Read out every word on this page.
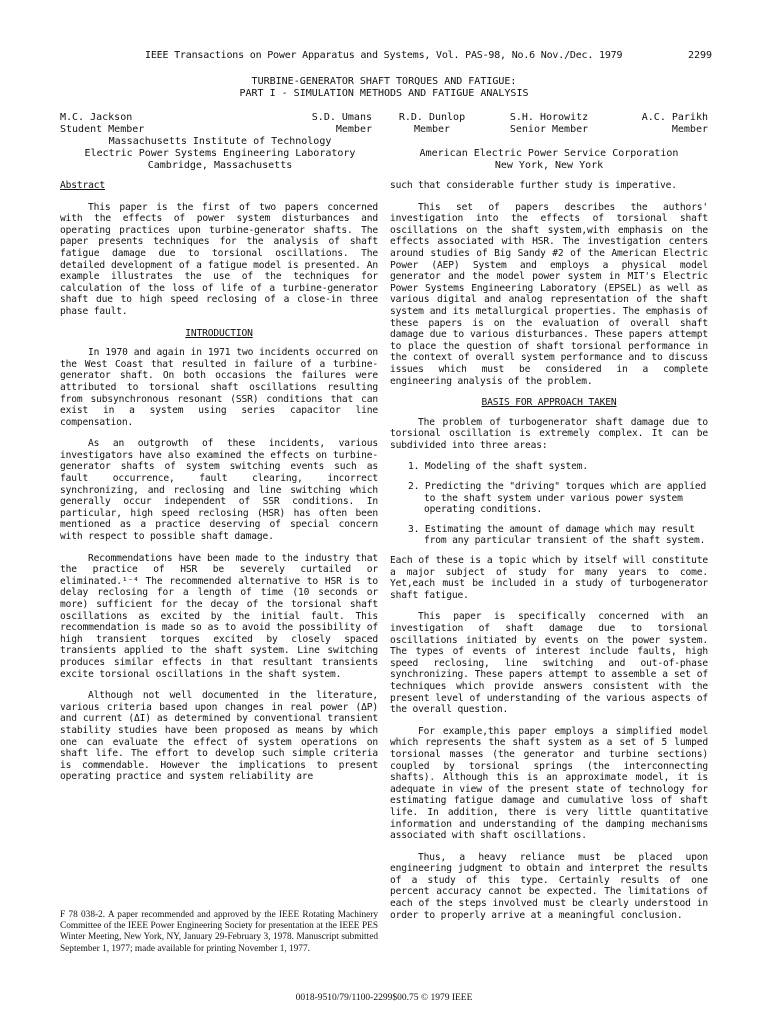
IEEE Transactions on Power Apparatus and Systems, Vol. PAS-98, No.6 Nov./Dec. 1979	2299
TURBINE-GENERATOR SHAFT TORQUES AND FATIGUE:
PART I - SIMULATION METHODS AND FATIGUE ANALYSIS
M.C. Jackson
Student Member
S.D. Umans
Member
Massachusetts Institute of Technology
Electric Power Systems Engineering Laboratory
Cambridge, Massachusetts
R.D. Dunlop
Member
S.H. Horowitz
Senior Member
A.C. Parikh
Member
American Electric Power Service Corporation
New York, New York
Abstract

This paper is the first of two papers concerned with the effects of power system disturbances and operating practices upon turbine-generator shafts. The paper presents techniques for the analysis of shaft fatigue damage due to torsional oscillations. The detailed development of a fatigue model is presented. An example illustrates the use of the techniques for calculation of the loss of life of a turbine-generator shaft due to high speed reclosing of a close-in three phase fault.

INTRODUCTION

In 1970 and again in 1971 two incidents occurred on the West Coast that resulted in failure of a turbine-generator shaft. On both occasions the failures were attributed to torsional shaft oscillations resulting from subsynchronous resonant (SSR) conditions that can exist in a system using series capacitor line compensation.

As an outgrowth of these incidents, various investigators have also examined the effects on turbine-generator shafts of system switching events such as fault occurrence, fault clearing, incorrect synchronizing, and reclosing and line switching which generally occur independent of SSR conditions. In particular, high speed reclosing (HSR) has often been mentioned as a practice deserving of special concern with respect to possible shaft damage.

Recommendations have been made to the industry that the practice of HSR be severely curtailed or eliminated.¹⁻⁴ The recommended alternative to HSR is to delay reclosing for a length of time (10 seconds or more) sufficient for the decay of the torsional shaft oscillations as excited by the initial fault. This recommendation is made so as to avoid the possibility of high transient torques excited by closely spaced transients applied to the shaft system. Line switching produces similar effects in that resultant transients excite torsional oscillations in the shaft system.

Although not well documented in the literature, various criteria based upon changes in real power (ΔP) and current (ΔI) as determined by conventional transient stability studies have been proposed as means by which one can evaluate the effect of system operations on shaft life. The effort to develop such simple criteria is commendable. However the implications to present operating practice and system reliability are

F 78 038-2. A paper recommended and approved by the IEEE Rotating Machinery Committee of the IEEE Power Engineering Society for presentation at the IEEE PES Winter Meeting, New York, NY, January 29-February 3, 1978. Manuscript submitted September 1, 1977; made available for printing November 1, 1977.

such that considerable further study is imperative.

This set of papers describes the authors' investigation into the effects of torsional shaft oscillations on the shaft system,with emphasis on the effects associated with HSR. The investigation centers around studies of Big Sandy #2 of the American Electric Power (AEP) System and employs a physical model generator and the model power system in MIT's Electric Power Systems Engineering Laboratory (EPSEL) as well as various digital and analog representation of the shaft system and its metallurgical properties. The emphasis of these papers is on the evaluation of overall shaft damage due to various disturbances. These papers attempt to place the question of shaft torsional performance in the context of overall system performance and to discuss issues which must be considered in a complete engineering analysis of the problem.

BASIS FOR APPROACH TAKEN

The problem of turbogenerator shaft damage due to torsional oscillation is extremely complex. It can be subdivided into three areas:

1. Modeling of the shaft system.
2. Predicting the "driving" torques which are applied to the shaft system under various power system operating conditions.
3. Estimating the amount of damage which may result from any particular transient of the shaft system.

Each of these is a topic which by itself will constitute a major subject of study for many years to come. Yet,each must be included in a study of turbogenerator shaft fatigue.

This paper is specifically concerned with an investigation of shaft damage due to torsional oscillations initiated by events on the power system. The types of events of interest include faults, high speed reclosing, line switching and out-of-phase synchronizing. These papers attempt to assemble a set of techniques which provide answers consistent with the present level of understanding of the various aspects of the overall question.

For example,this paper employs a simplified model which represents the shaft system as a set of 5 lumped torsional masses (the generator and turbine sections) coupled by torsional springs (the interconnecting shafts). Although this is an approximate model, it is adequate in view of the present state of technology for estimating fatigue damage and cumulative loss of shaft life. In addition, there is very little quantitative information and understanding of the damping mechanisms associated with shaft oscillations.

Thus, a heavy reliance must be placed upon engineering judgment to obtain and interpret the results of a study of this type. Certainly results of one percent accuracy cannot be expected. The limitations of each of the steps involved must be clearly understood in order to properly arrive at a meaningful conclusion.

0018-9510/79/1100-2299$00.75 © 1979 IEEE
